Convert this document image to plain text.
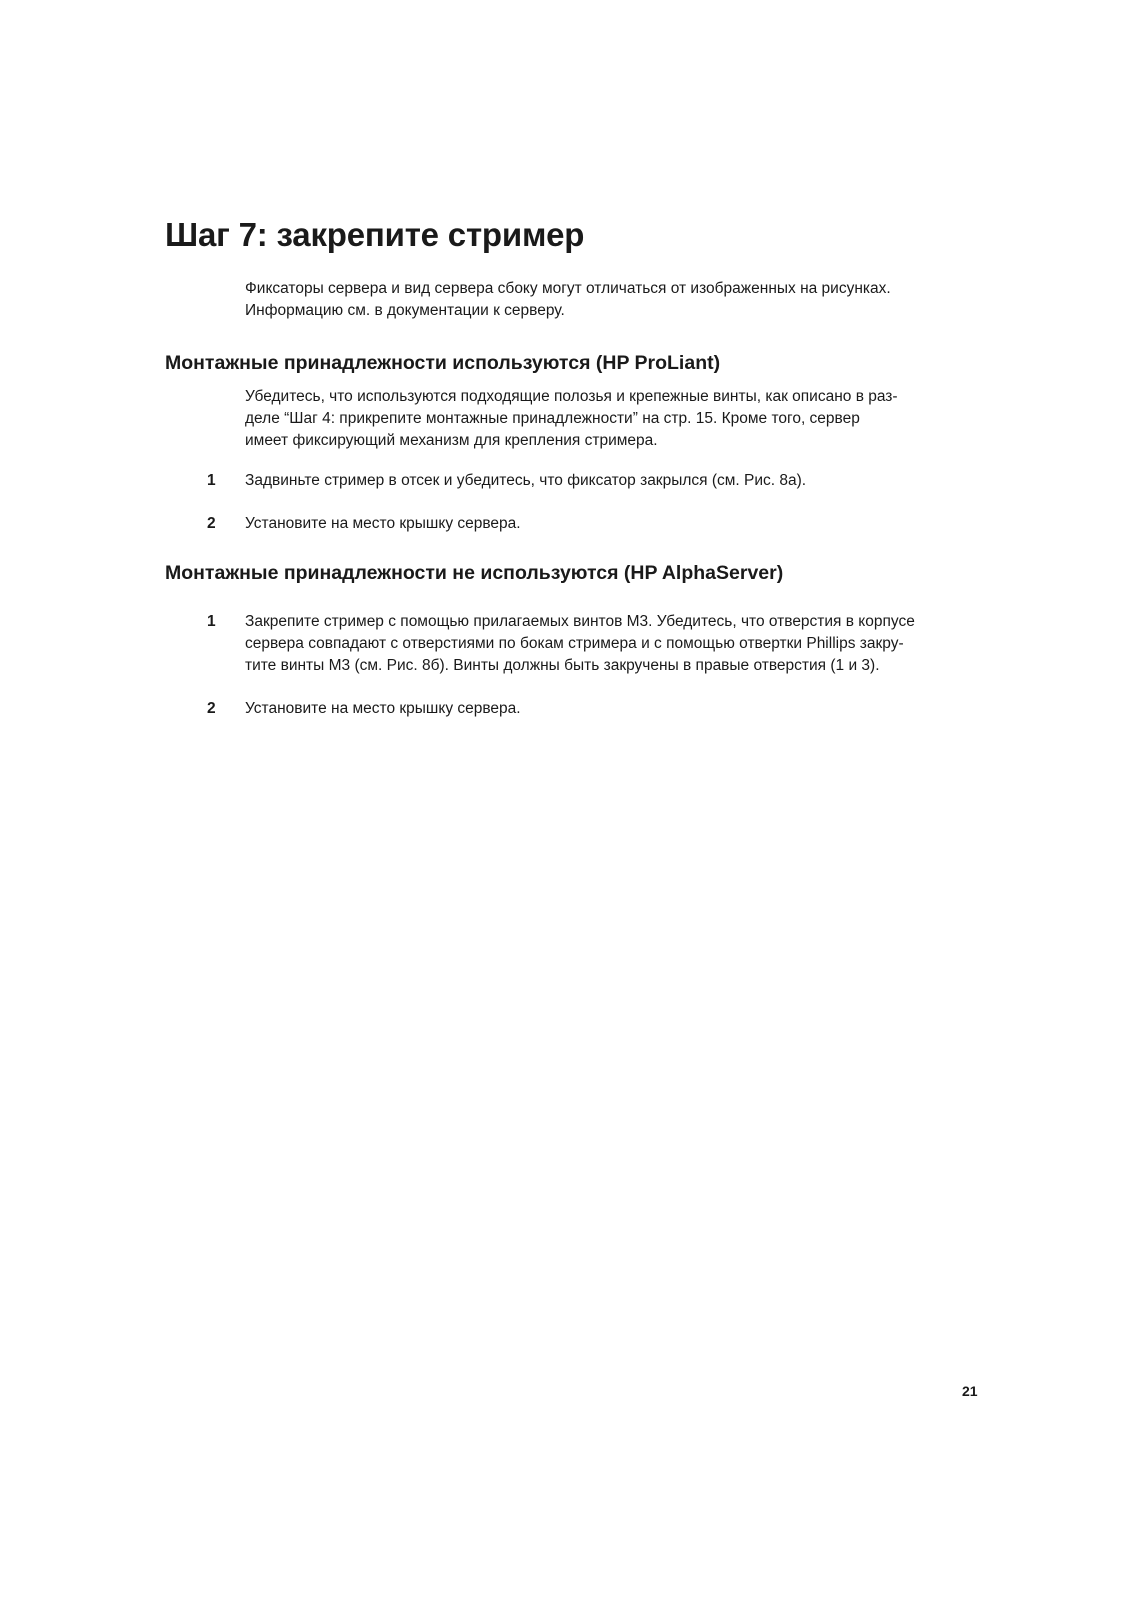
Шаг 7: закрепите стример

Фиксаторы сервера и вид сервера сбоку могут отличаться от изображенных на рисунках.
Информацию см. в документации к серверу.

Монтажные принадлежности используются (HP ProLiant)

Убедитесь, что используются подходящие полозья и крепежные винты, как описано в раз-
деле “Шаг 4: прикрепите монтажные принадлежности” на стр. 15. Кроме того, сервер
имеет фиксирующий механизм для крепления стримера.

1 Задвиньте стример в отсек и убедитесь, что фиксатор закрылся (см. Рис. 8а).
2 Установите на место крышку сервера.
Монтажные принадлежности не используются (HP AlphaServer)
1 Закрепите стример с помощью прилагаемых винтов М3. Убедитесь, что отверстия в корпусе
сервера совпадают с отверстиями по бокам стримера и с помощью отвертки Phillips закру-
тите винты М3 (см. Рис. 8б). Винты должны быть закручены в правые отверстия (1 и 3).
2 Установите на место крышку сервера.
21
